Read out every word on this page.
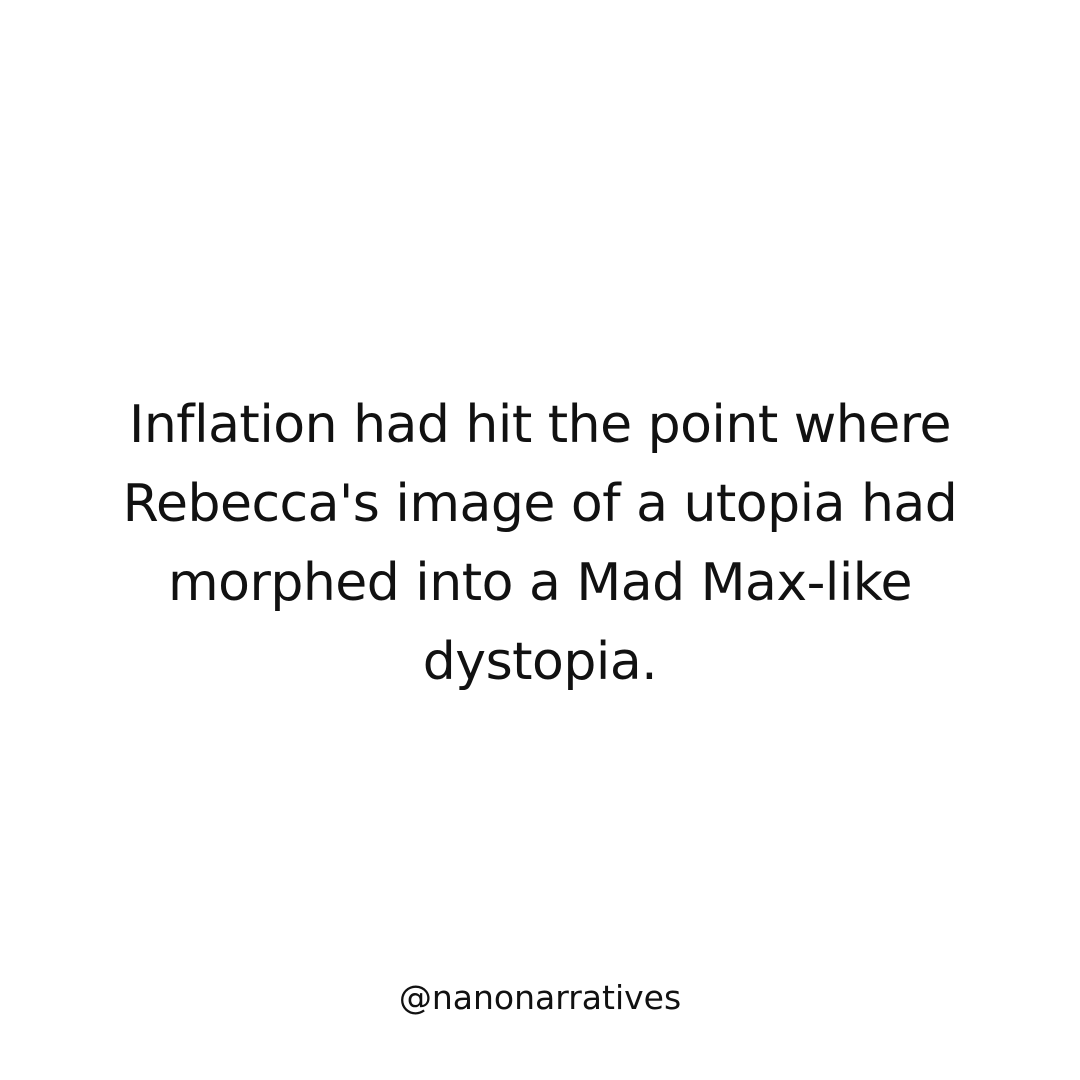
Inflation had hit the point where
Rebecca's image of a utopia had
morphed into a Mad Max-like
dystopia.
@nanonarratives
